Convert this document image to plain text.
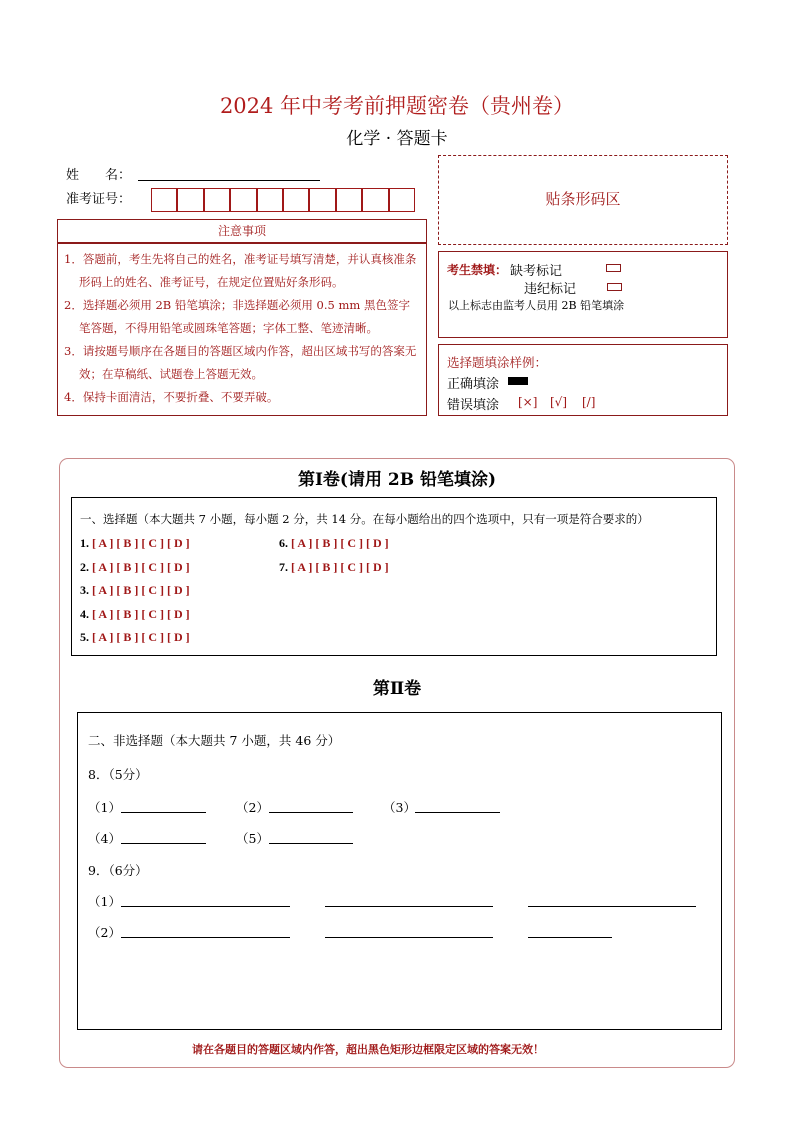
2024 年中考考前押题密卷（贵州卷）
化学 · 答题卡
姓　　名：
准考证号：	贴条形码区
注意事项

1．答题前，考生先将自己的姓名，准考证号填写清楚，并认真核准条形码上的姓名、准考证号，在规定位置贴好条形码。

2．选择题必须用 2B 铅笔填涂；非选择题必须用 0.5 mm 黑色签字笔答题，不得用铅笔或圆珠笔答题；字体工整、笔迹清晰。

3．请按题号顺序在各题目的答题区域内作答，超出区域书写的答案无效；在草稿纸、试题卷上答题无效。

4．保持卡面清洁，不要折叠、不要弄破。

考生禁填： 缺考标记
违纪标记
以上标志由监考人员用 2B 铅笔填涂
选择题填涂样例：
正确填涂
错误填涂 [×] [√] [/]
第Ⅰ卷(请用 2B 铅笔填涂)
一、选择题（本大题共 7 小题，每小题 2 分，共 14 分。在每小题给出的四个选项中，只有一项是符合要求的）
1. [ A ] [ B ] [ C ] [ D ]
2. [ A ] [ B ] [ C ] [ D ]
3. [ A ] [ B ] [ C ] [ D ]
4. [ A ] [ B ] [ C ] [ D ]
5. [ A ] [ B ] [ C ] [ D ]
6. [ A ] [ B ] [ C ] [ D ]
7. [ A ] [ B ] [ C ] [ D ]
第Ⅱ卷
二、非选择题（本大题共 7 小题，共 46 分）
8．（5分）
（1）	（2）	（3）
（4）	（5）
9．（6分）
（1）
（2）
请在各题目的答题区域内作答，超出黑色矩形边框限定区域的答案无效！
